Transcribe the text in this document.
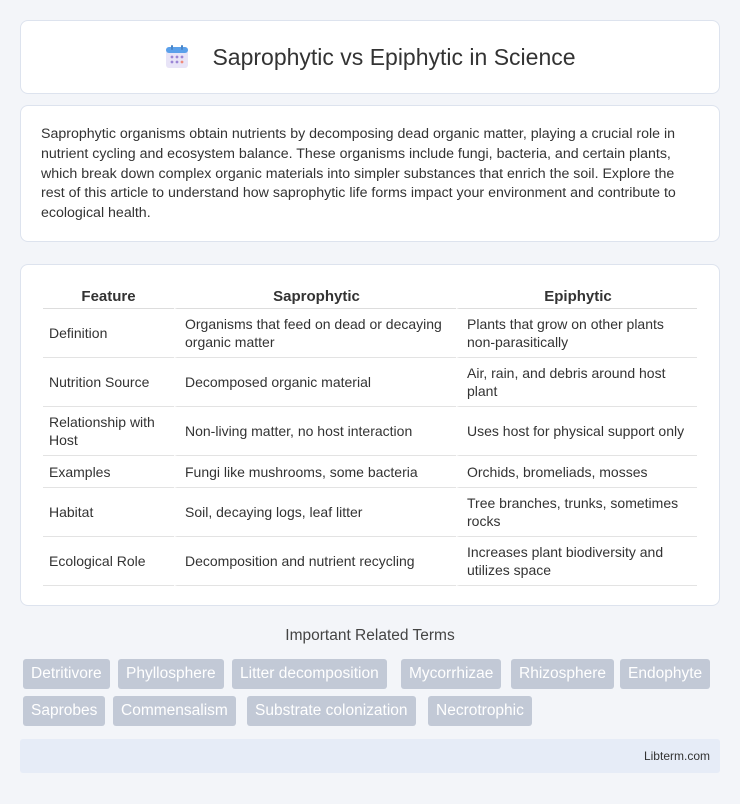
Saprophytic vs Epiphytic in Science

Saprophytic organisms obtain nutrients by decomposing dead organic matter, playing a crucial role in nutrient cycling and ecosystem balance. These organisms include fungi, bacteria, and certain plants, which break down complex organic materials into simpler substances that enrich the soil. Explore the rest of this article to understand how saprophytic life forms impact your environment and contribute to ecological health.

Feature	Saprophytic	Epiphytic
Definition	Organisms that feed on dead or decaying organic matter	Plants that grow on other plants non-parasitically
Nutrition Source	Decomposed organic material	Air, rain, and debris around host plant
Relationship with Host	Non-living matter, no host interaction	Uses host for physical support only
Examples	Fungi like mushrooms, some bacteria	Orchids, bromeliads, mosses
Habitat	Soil, decaying logs, leaf litter	Tree branches, trunks, sometimes rocks
Ecological Role	Decomposition and nutrient recycling	Increases plant biodiversity and utilizes space
Important Related Terms
Detritivore	Phyllosphere	Litter decomposition	Mycorrhizae	Rhizosphere	Endophyte
Saprobes	Commensalism	Substrate colonization	Necrotrophic
Libterm.com
